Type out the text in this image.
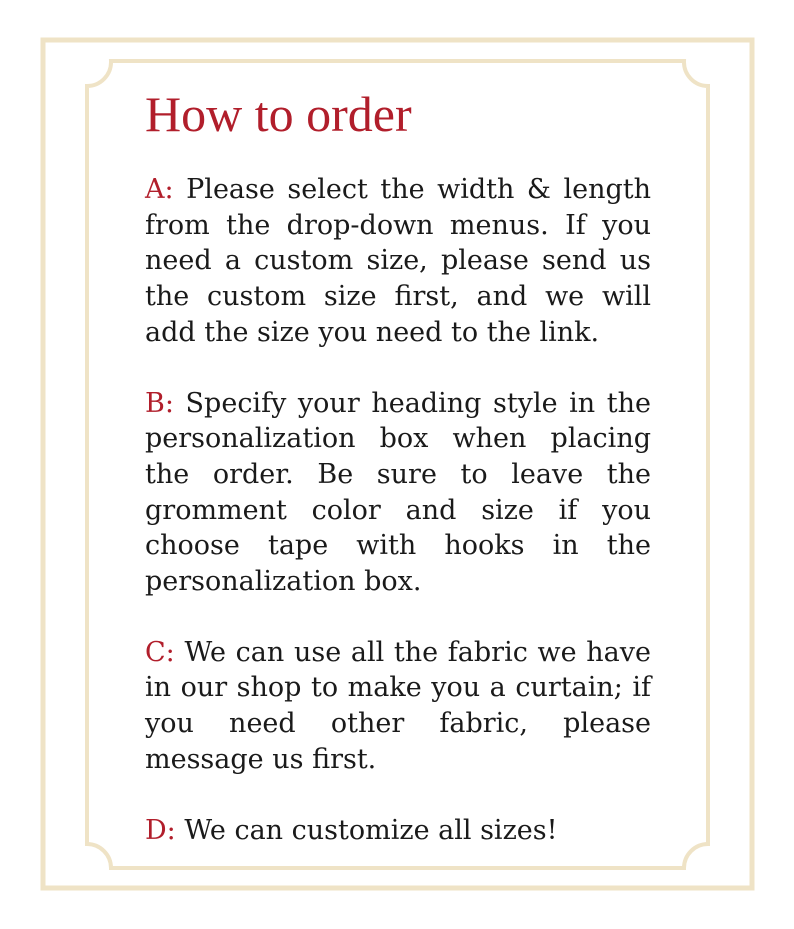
How to order

A: Please select the width & length from the drop-down menus. If you need a custom size, please send us the custom size first, and we will add the size you need to the link.

B: Specify your heading style in the personalization box when placing the order. Be sure to leave the gromment color and size if you choose tape with hooks in the personalization box.

C: We can use all the fabric we have in our shop to make you a curtain; if you need other fabric, please message us first.

D: We can customize all sizes!
